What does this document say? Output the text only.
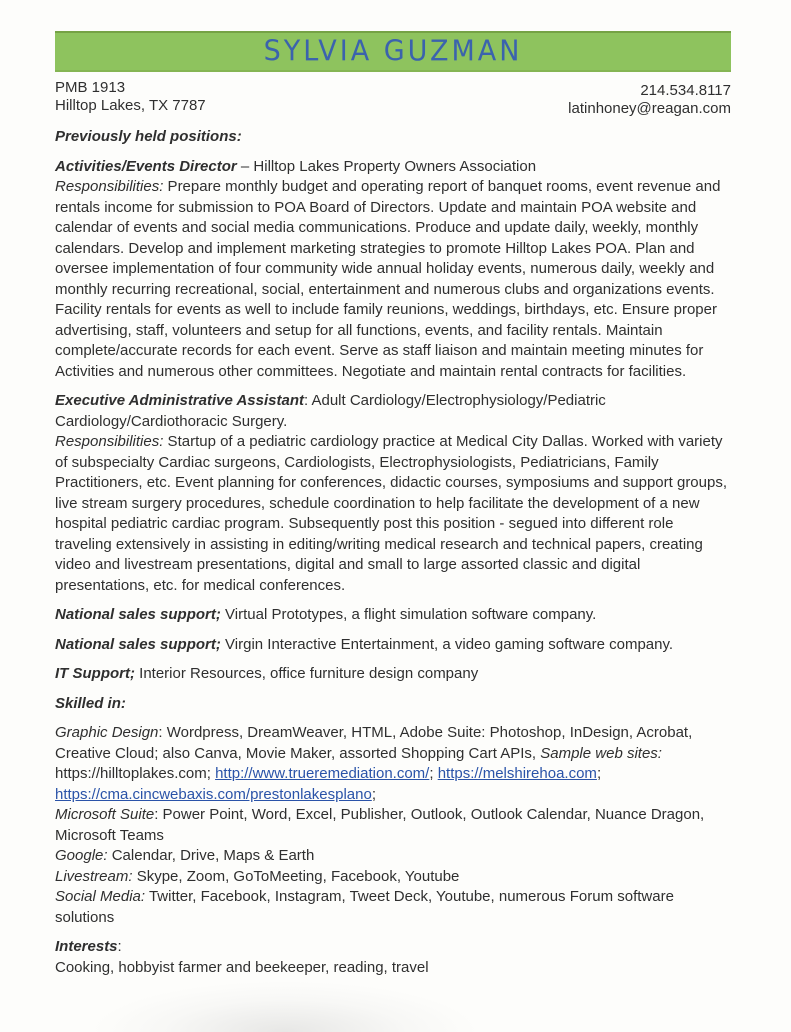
SYLVIA GUZMAN
PMB 1913
Hilltop Lakes, TX 7787
214.534.8117
latinhoney@reagan.com

Previously held positions:

Activities/Events Director – Hilltop Lakes Property Owners Association

Responsibilities: Prepare monthly budget and operating report of banquet rooms, event revenue and rentals income for submission to POA Board of Directors. Update and maintain POA website and calendar of events and social media communications. Produce and update daily, weekly, monthly calendars. Develop and implement marketing strategies to promote Hilltop Lakes POA. Plan and oversee implementation of four community wide annual holiday events, numerous daily, weekly and monthly recurring recreational, social, entertainment and numerous clubs and organizations events. Facility rentals for events as well to include family reunions, weddings, birthdays, etc. Ensure proper advertising, staff, volunteers and setup for all functions, events, and facility rentals. Maintain complete/accurate records for each event. Serve as staff liaison and maintain meeting minutes for Activities and numerous other committees. Negotiate and maintain rental contracts for facilities.

Executive Administrative Assistant: Adult Cardiology/Electrophysiology/Pediatric Cardiology/Cardiothoracic Surgery.

Responsibilities: Startup of a pediatric cardiology practice at Medical City Dallas. Worked with variety of subspecialty Cardiac surgeons, Cardiologists, Electrophysiologists, Pediatricians, Family Practitioners, etc. Event planning for conferences, didactic courses, symposiums and support groups, live stream surgery procedures, schedule coordination to help facilitate the development of a new hospital pediatric cardiac program. Subsequently post this position - segued into different role traveling extensively in assisting in editing/writing medical research and technical papers, creating video and livestream presentations, digital and small to large assorted classic and digital presentations, etc. for medical conferences.

National sales support; Virtual Prototypes, a flight simulation software company.

National sales support; Virgin Interactive Entertainment, a video gaming software company.

IT Support; Interior Resources, office furniture design company

Skilled in:

Graphic Design: Wordpress, DreamWeaver, HTML, Adobe Suite: Photoshop, InDesign, Acrobat, Creative Cloud; also Canva, Movie Maker, assorted Shopping Cart APIs, Sample web sites: https://hilltoplakes.com; http://www.trueremediation.com/; https://melshirehoa.com; https://cma.cincwebaxis.com/prestonlakesplano;

Microsoft Suite: Power Point, Word, Excel, Publisher, Outlook, Outlook Calendar, Nuance Dragon, Microsoft Teams

Google: Calendar, Drive, Maps & Earth

Livestream: Skype, Zoom, GoToMeeting, Facebook, Youtube

Social Media: Twitter, Facebook, Instagram, Tweet Deck, Youtube, numerous Forum software solutions

Interests:

Cooking, hobbyist farmer and beekeeper, reading, travel
